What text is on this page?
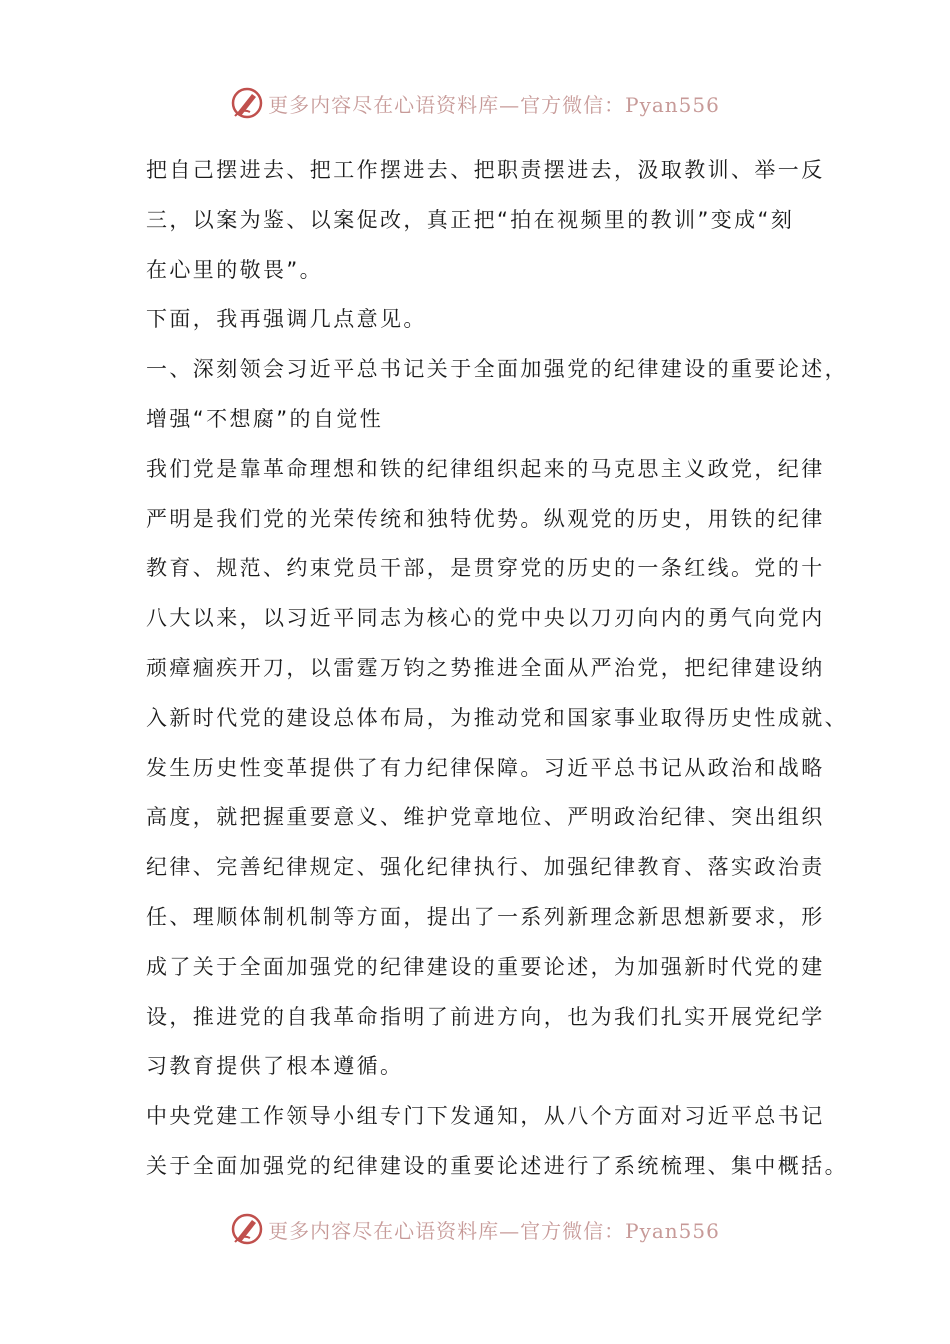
更多内容尽在心语资料库—官方微信：Pyan556
把自己摆进去、把工作摆进去、把职责摆进去，汲取教训、举一反
三，以案为鉴、以案促改，真正把“拍在视频里的教训”变成“刻
在心里的敬畏”。
下面，我再强调几点意见。
一、深刻领会习近平总书记关于全面加强党的纪律建设的重要论述，
增强“不想腐”的自觉性
我们党是靠革命理想和铁的纪律组织起来的马克思主义政党，纪律
严明是我们党的光荣传统和独特优势。纵观党的历史，用铁的纪律
教育、规范、约束党员干部，是贯穿党的历史的一条红线。党的十
八大以来，以习近平同志为核心的党中央以刀刃向内的勇气向党内
顽瘴痼疾开刀，以雷霆万钧之势推进全面从严治党，把纪律建设纳
入新时代党的建设总体布局，为推动党和国家事业取得历史性成就、
发生历史性变革提供了有力纪律保障。习近平总书记从政治和战略
高度，就把握重要意义、维护党章地位、严明政治纪律、突出组织
纪律、完善纪律规定、强化纪律执行、加强纪律教育、落实政治责
任、理顺体制机制等方面，提出了一系列新理念新思想新要求，形
成了关于全面加强党的纪律建设的重要论述，为加强新时代党的建
设，推进党的自我革命指明了前进方向，也为我们扎实开展党纪学
习教育提供了根本遵循。
中央党建工作领导小组专门下发通知，从八个方面对习近平总书记
关于全面加强党的纪律建设的重要论述进行了系统梳理、集中概括。
更多内容尽在心语资料库—官方微信：Pyan556
